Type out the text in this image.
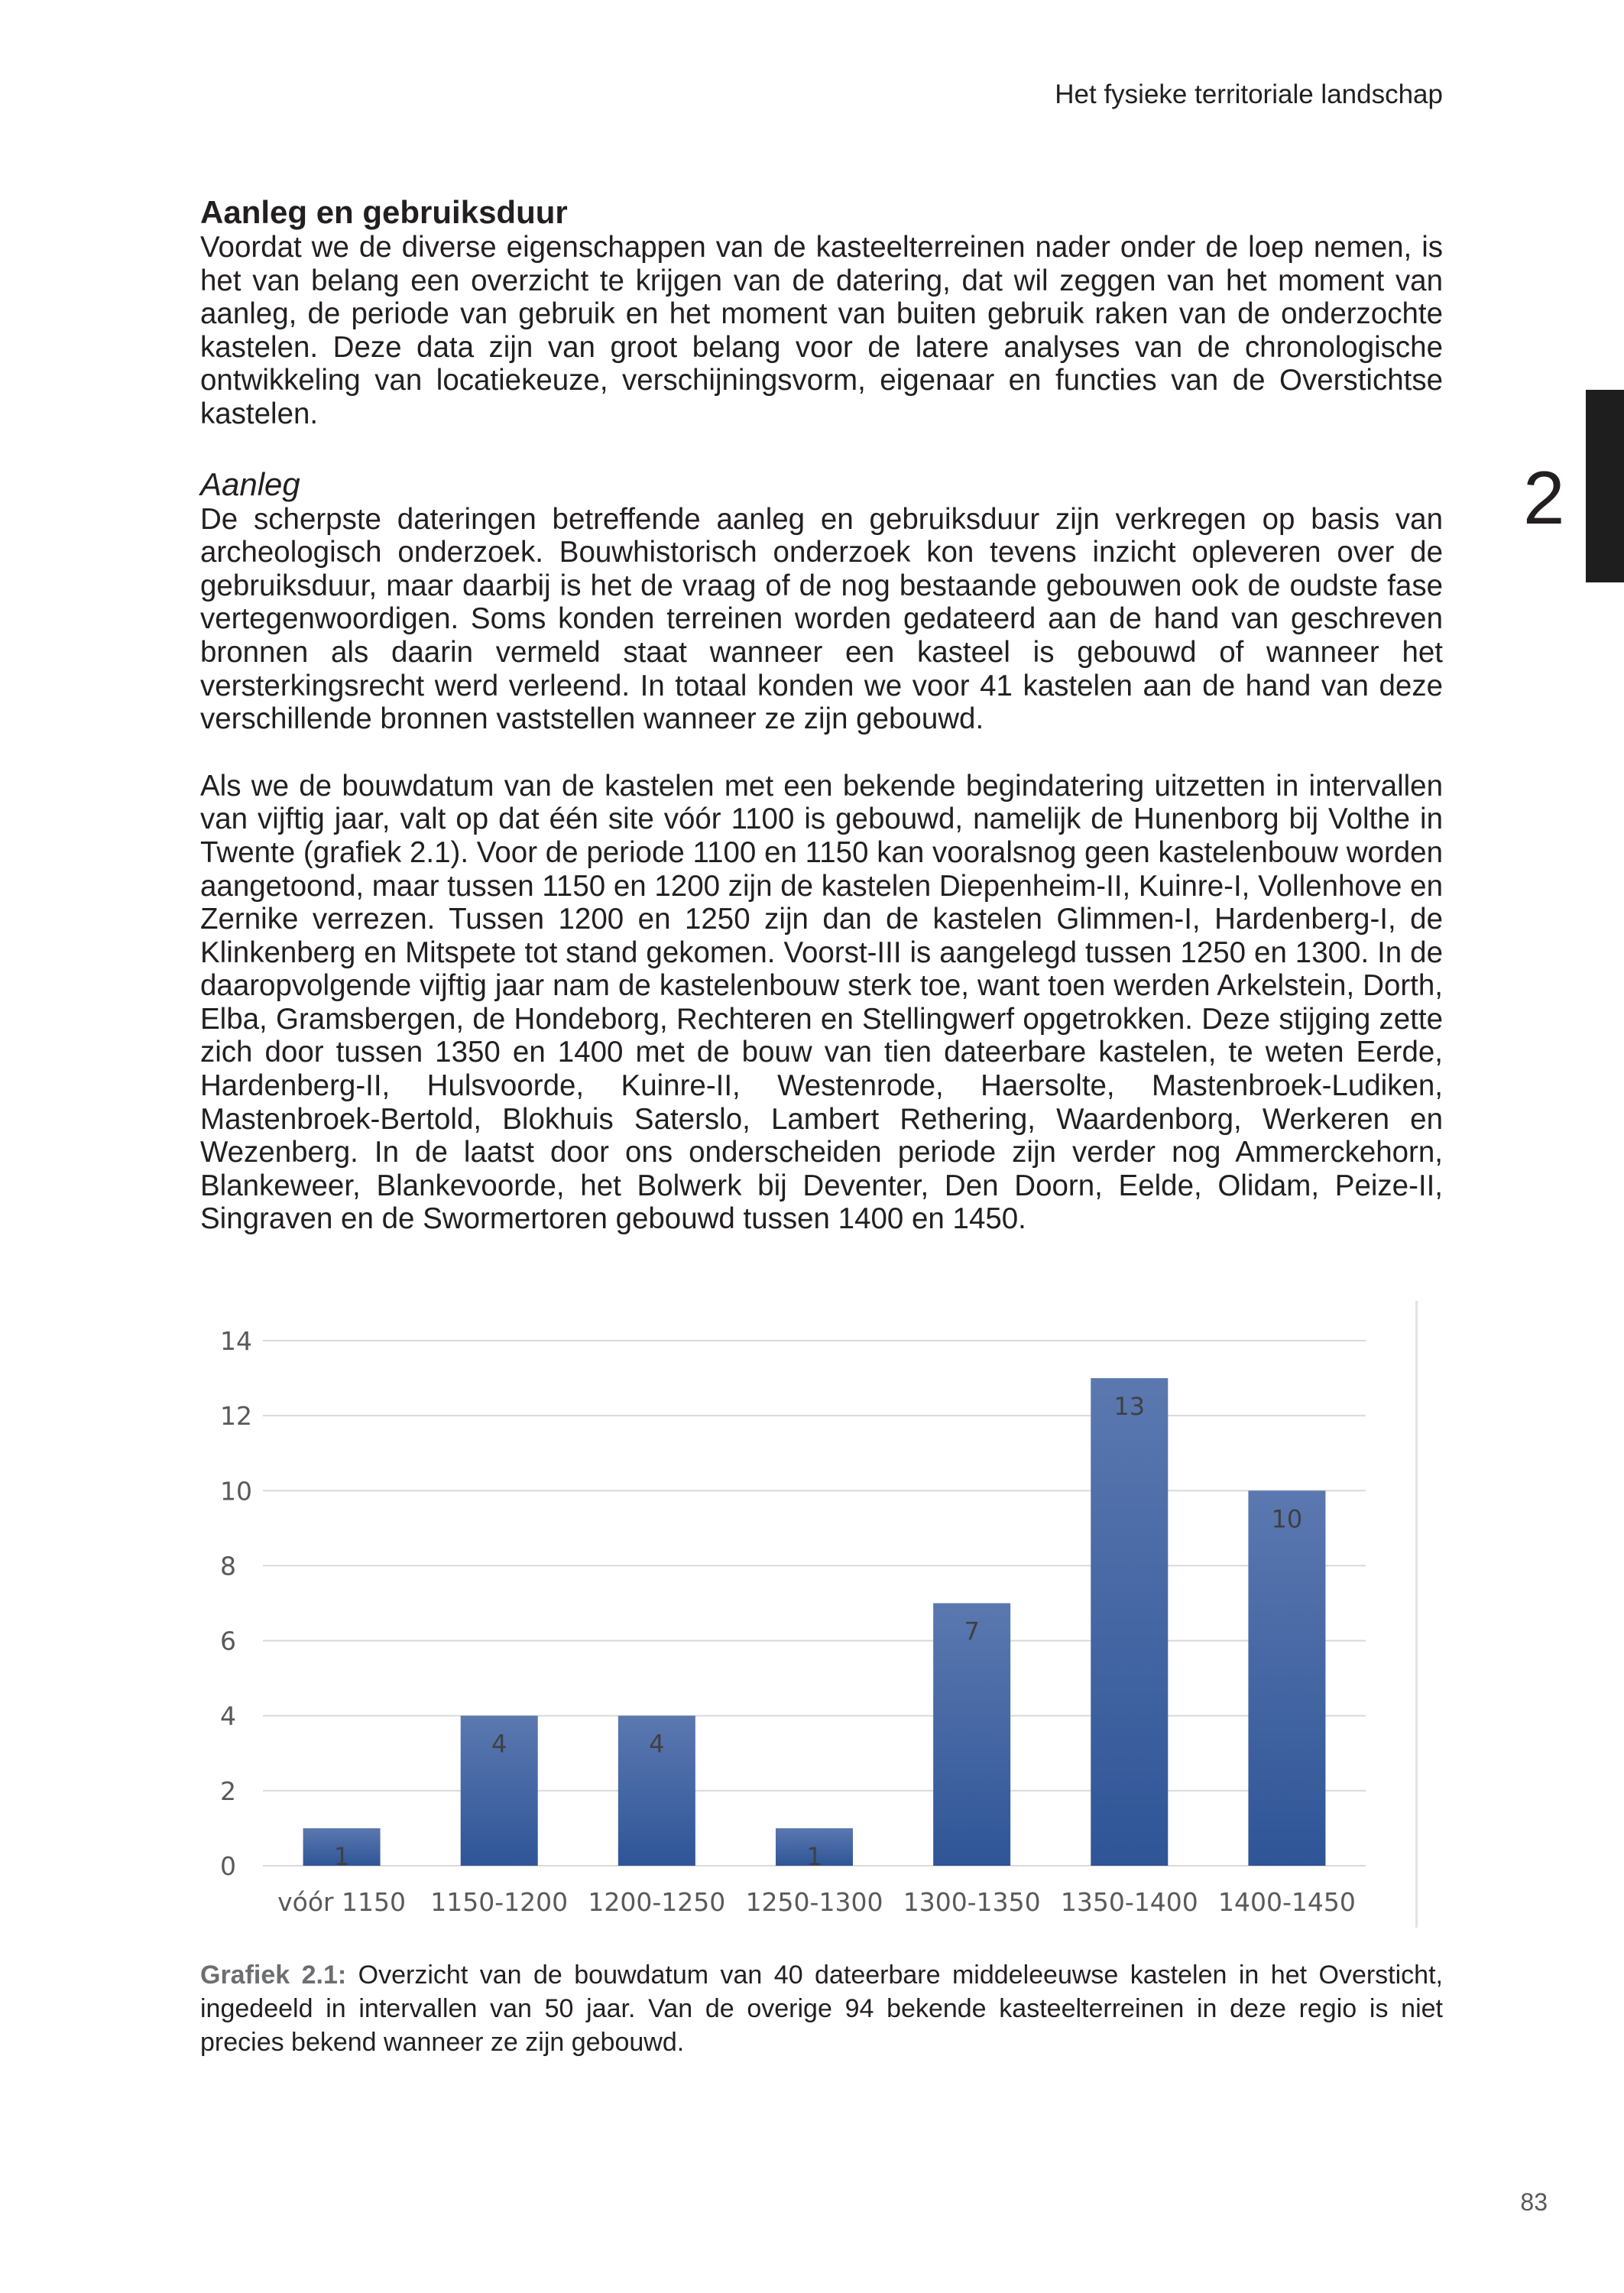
Het fysieke territoriale landschap
2
Aanleg en gebruiksduur

Voordat we de diverse eigenschappen van de kasteelterreinen nader onder de loep nemen, is het van belang een overzicht te krijgen van de datering, dat wil zeggen van het moment van aanleg, de periode van gebruik en het moment van buiten gebruik raken van de onderzochte kastelen. Deze data zijn van groot belang voor de latere analyses van de chronologische ontwikkeling van locatiekeuze, verschijningsvorm, eigenaar en functies van de Overstichtse kastelen.

Aanleg

De scherpste dateringen betreffende aanleg en gebruiksduur zijn verkregen op basis van archeologisch onderzoek. Bouwhistorisch onderzoek kon tevens inzicht opleveren over de gebruiksduur, maar daarbij is het de vraag of de nog bestaande gebouwen ook de oudste fase vertegenwoordigen. Soms konden terreinen worden gedateerd aan de hand van geschreven bronnen als daarin vermeld staat wanneer een kasteel is gebouwd of wanneer het versterkingsrecht werd verleend. In totaal konden we voor 41 kastelen aan de hand van deze verschillende bronnen vaststellen wanneer ze zijn gebouwd.

Als we de bouwdatum van de kastelen met een bekende begindatering uitzetten in intervallen van vijftig jaar, valt op dat één site vóór 1100 is gebouwd, namelijk de Hunenborg bij Volthe in Twente (grafiek 2.1). Voor de periode 1100 en 1150 kan vooralsnog geen kastelenbouw worden aangetoond, maar tussen 1150 en 1200 zijn de kastelen Diepenheim-II, Kuinre-I, Vollenhove en Zernike verrezen. Tussen 1200 en 1250 zijn dan de kastelen Glimmen-I, Hardenberg-I, de Klinkenberg en Mitspete tot stand gekomen. Voorst-III is aangelegd tussen 1250 en 1300. In de daaropvolgende vijftig jaar nam de kastelenbouw sterk toe, want toen werden Arkelstein, Dorth, Elba, Gramsbergen, de Hondeborg, Rechteren en Stellingwerf opgetrokken. Deze stijging zette zich door tussen 1350 en 1400 met de bouw van tien dateerbare kastelen, te weten Eerde, Hardenberg-II, Hulsvoorde, Kuinre-II, Westenrode, Haersolte, Mastenbroek-Ludiken, Mastenbroek-Bertold, Blokhuis Saterslo, Lambert Rethering, Waardenborg, Werkeren en Wezenberg. In de laatst door ons onderscheiden periode zijn verder nog Ammerckehorn, Blankeweer, Blankevoorde, het Bolwerk bij Deventer, Den Doorn, Eelde, Olidam, Peize-II, Singraven en de Swormertoren gebouwd tussen 1400 en 1450.

0
2
4
6
8
10
12
14
1
vóór 1150
4
1150-1200
4
1200-1250
1
1250-1300
7
1300-1350
13
1350-1400
10
1400-1450

Grafiek 2.1: Overzicht van de bouwdatum van 40 dateerbare middeleeuwse kastelen in het Oversticht, ingedeeld in intervallen van 50 jaar. Van de overige 94 bekende kasteelterreinen in deze regio is niet precies bekend wanneer ze zijn gebouwd.

83
